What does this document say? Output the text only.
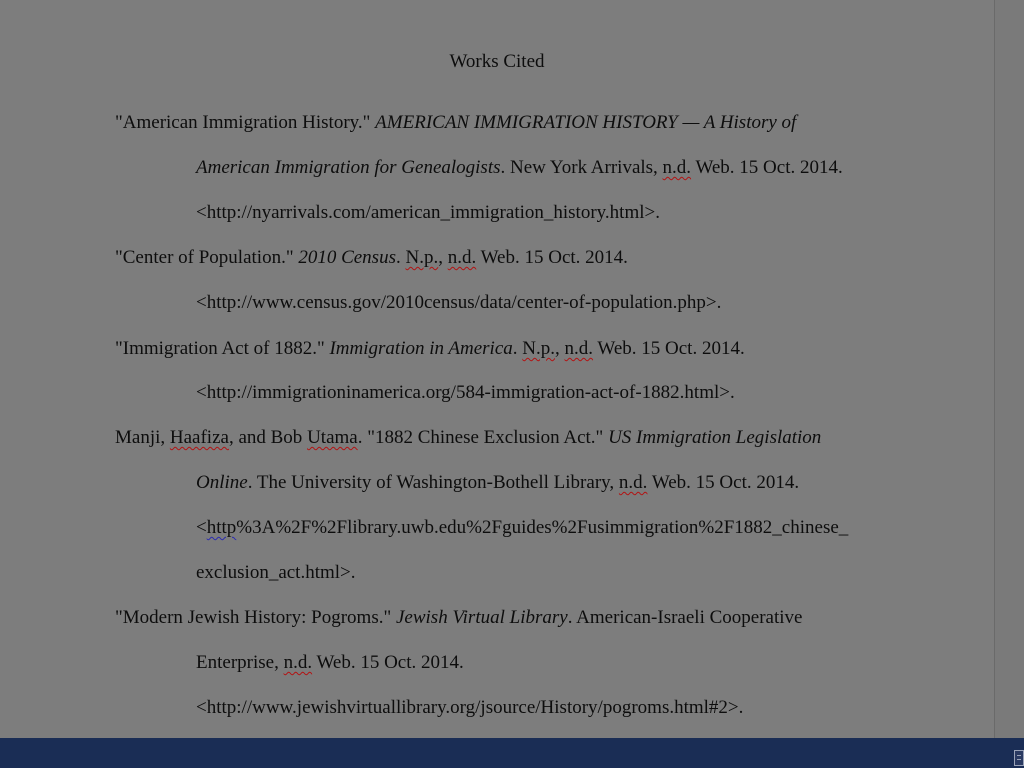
Works Cited
"American Immigration History." AMERICAN IMMIGRATION HISTORY — A History of
American Immigration for Genealogists. New York Arrivals, n.d. Web. 15 Oct. 2014.
<http://nyarrivals.com/american_immigration_history.html>.
"Center of Population." 2010 Census. N.p., n.d. Web. 15 Oct. 2014.
<http://www.census.gov/2010census/data/center-of-population.php>.
"Immigration Act of 1882." Immigration in America. N.p., n.d. Web. 15 Oct. 2014.
<http://immigrationinamerica.org/584-immigration-act-of-1882.html>.
Manji, Haafiza, and Bob Utama. "1882 Chinese Exclusion Act." US Immigration Legislation
Online. The University of Washington-Bothell Library, n.d. Web. 15 Oct. 2014.
<http%3A%2F%2Flibrary.uwb.edu%2Fguides%2Fusimmigration%2F1882_chinese_
exclusion_act.html>.
"Modern Jewish History: Pogroms." Jewish Virtual Library. American-Israeli Cooperative
Enterprise, n.d. Web. 15 Oct. 2014.
<http://www.jewishvirtuallibrary.org/jsource/History/pogroms.html#2>.
